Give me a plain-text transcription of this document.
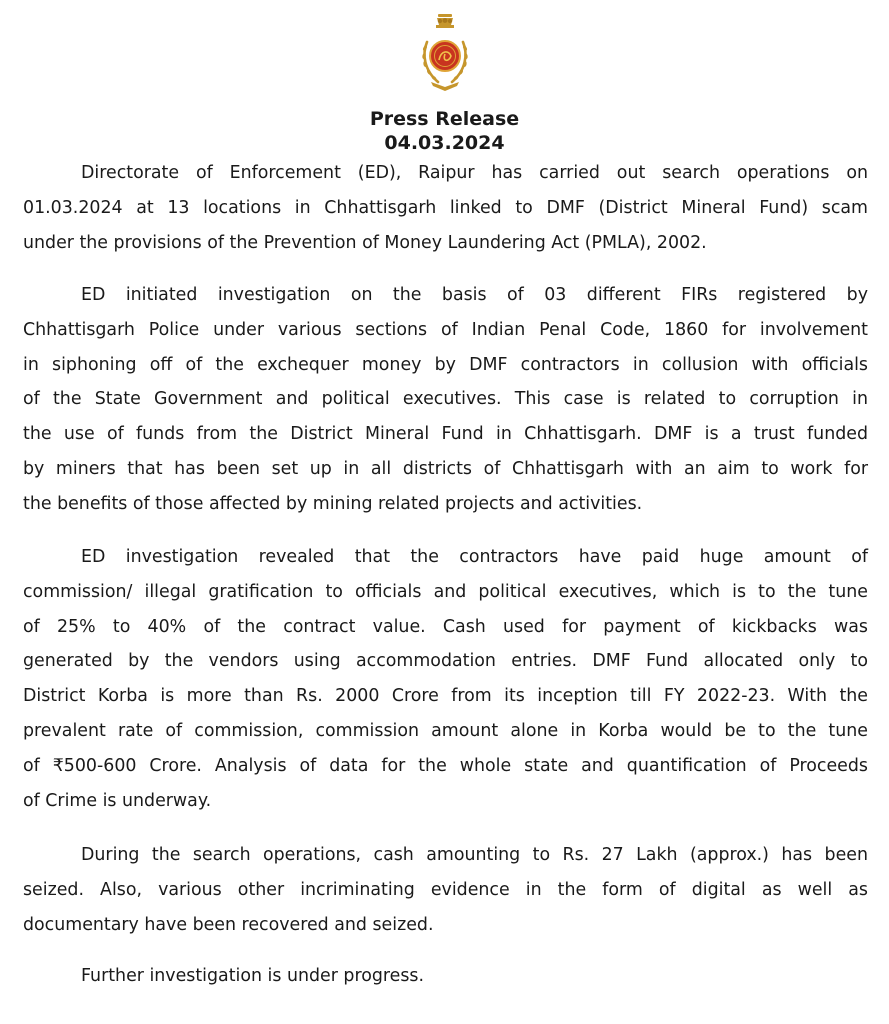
Press Release

04.03.2024

Directorate of Enforcement (ED), Raipur has carried out search operations on
01.03.2024 at 13 locations in Chhattisgarh linked to DMF (District Mineral Fund) scam
under the provisions of the Prevention of Money Laundering Act (PMLA), 2002.
ED initiated investigation on the basis of 03 different FIRs registered by
Chhattisgarh Police under various sections of Indian Penal Code, 1860 for involvement
in siphoning off of the exchequer money by DMF contractors in collusion with officials
of the State Government and political executives. This case is related to corruption in
the use of funds from the District Mineral Fund in Chhattisgarh. DMF is a trust funded
by miners that has been set up in all districts of Chhattisgarh with an aim to work for
the benefits of those affected by mining related projects and activities.
ED investigation revealed that the contractors have paid huge amount of
commission/ illegal gratification to officials and political executives, which is to the tune
of 25% to 40% of the contract value. Cash used for payment of kickbacks was
generated by the vendors using accommodation entries. DMF Fund allocated only to
District Korba is more than Rs. 2000 Crore from its inception till FY 2022-23. With the
prevalent rate of commission, commission amount alone in Korba would be to the tune
of ₹500-600 Crore. Analysis of data for the whole state and quantification of Proceeds
of Crime is underway.
During the search operations, cash amounting to Rs. 27 Lakh (approx.) has been
seized. Also, various other incriminating evidence in the form of digital as well as
documentary have been recovered and seized.
Further investigation is under progress.
